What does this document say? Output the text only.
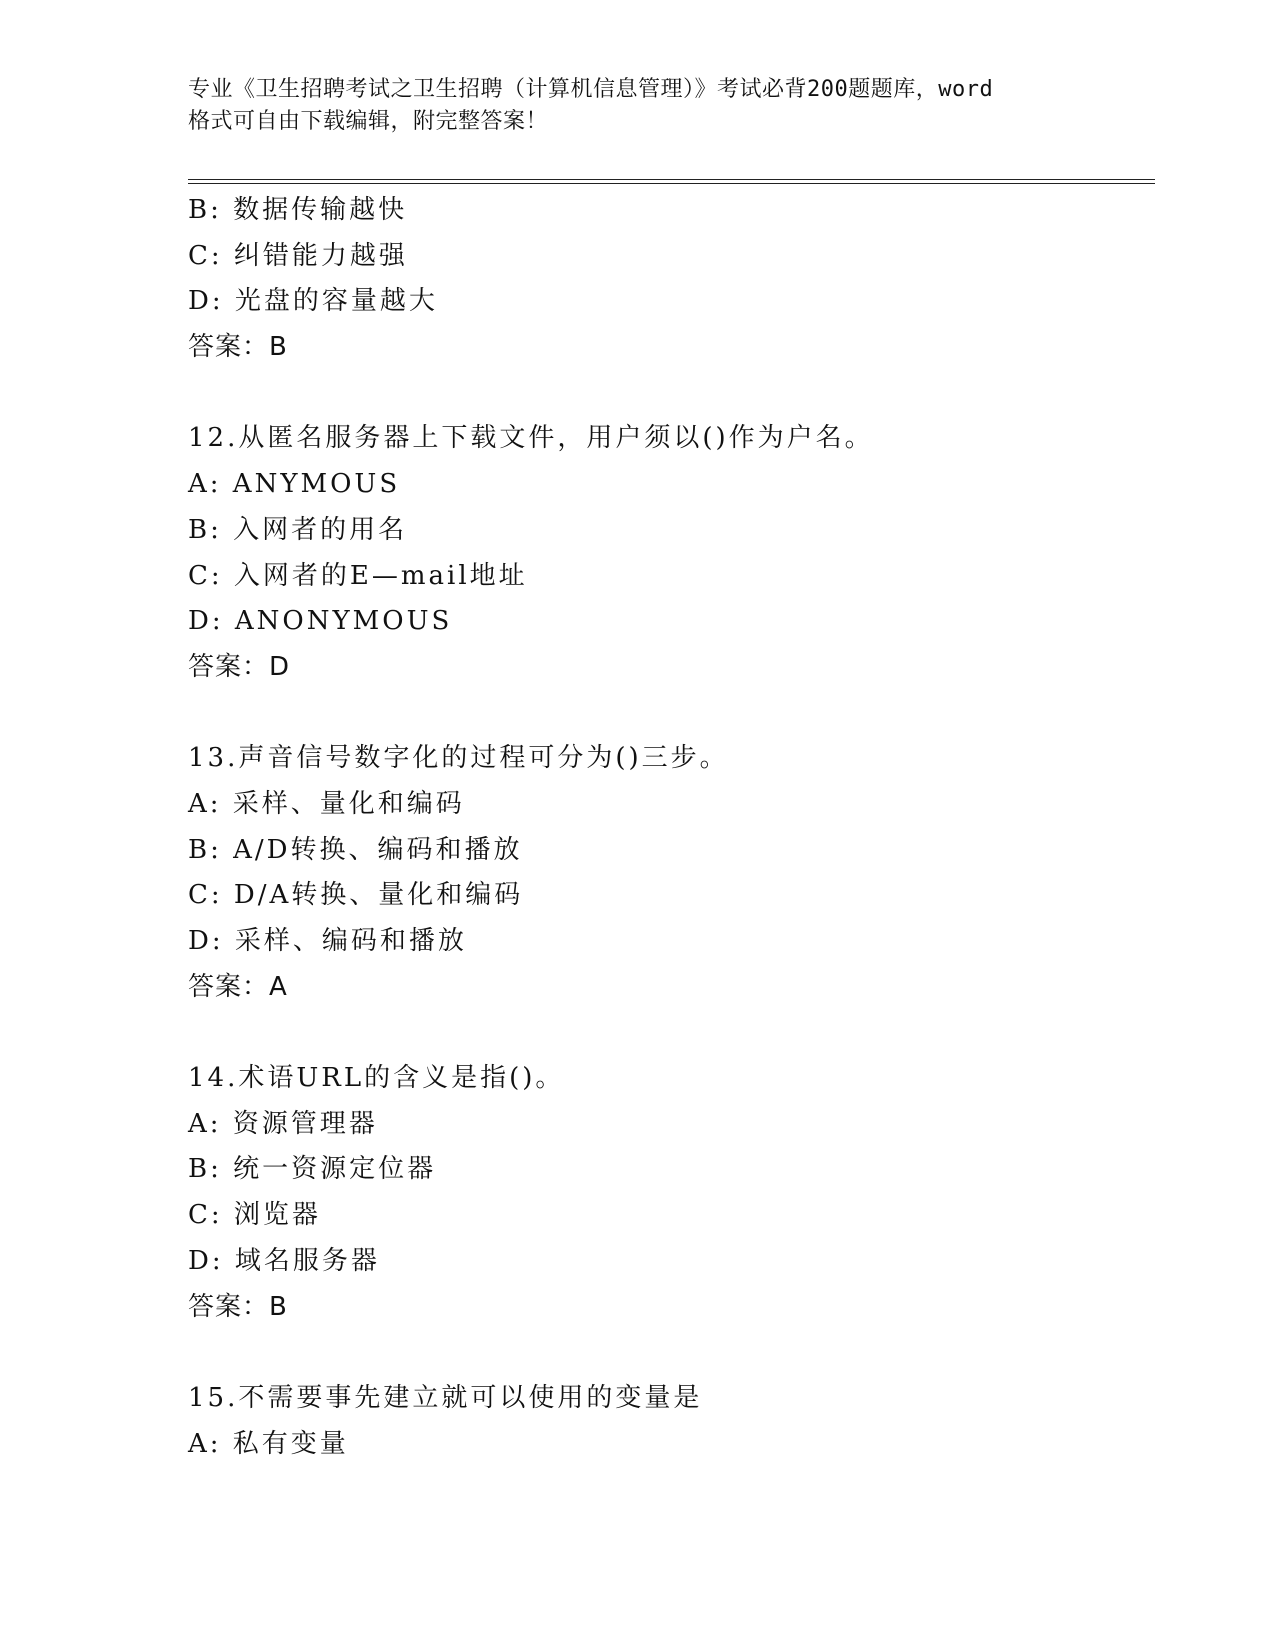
专业《卫生招聘考试之卫生招聘（计算机信息管理）》考试必背200题题库，word
格式可自由下载编辑，附完整答案！
B: 数据传输越快
C: 纠错能力越强
D: 光盘的容量越大
答案：B
12.从匿名服务器上下载文件，用户须以()作为户名。
A: ANYMOUS
B: 入网者的用名
C: 入网者的E—mail地址
D: ANONYMOUS
答案：D
13.声音信号数字化的过程可分为()三步。
A: 采样、量化和编码
B: A/D转换、编码和播放
C: D/A转换、量化和编码
D: 采样、编码和播放
答案：A
14.术语URL的含义是指()。
A: 资源管理器
B: 统一资源定位器
C: 浏览器
D: 域名服务器
答案：B
15.不需要事先建立就可以使用的变量是
A: 私有变量
